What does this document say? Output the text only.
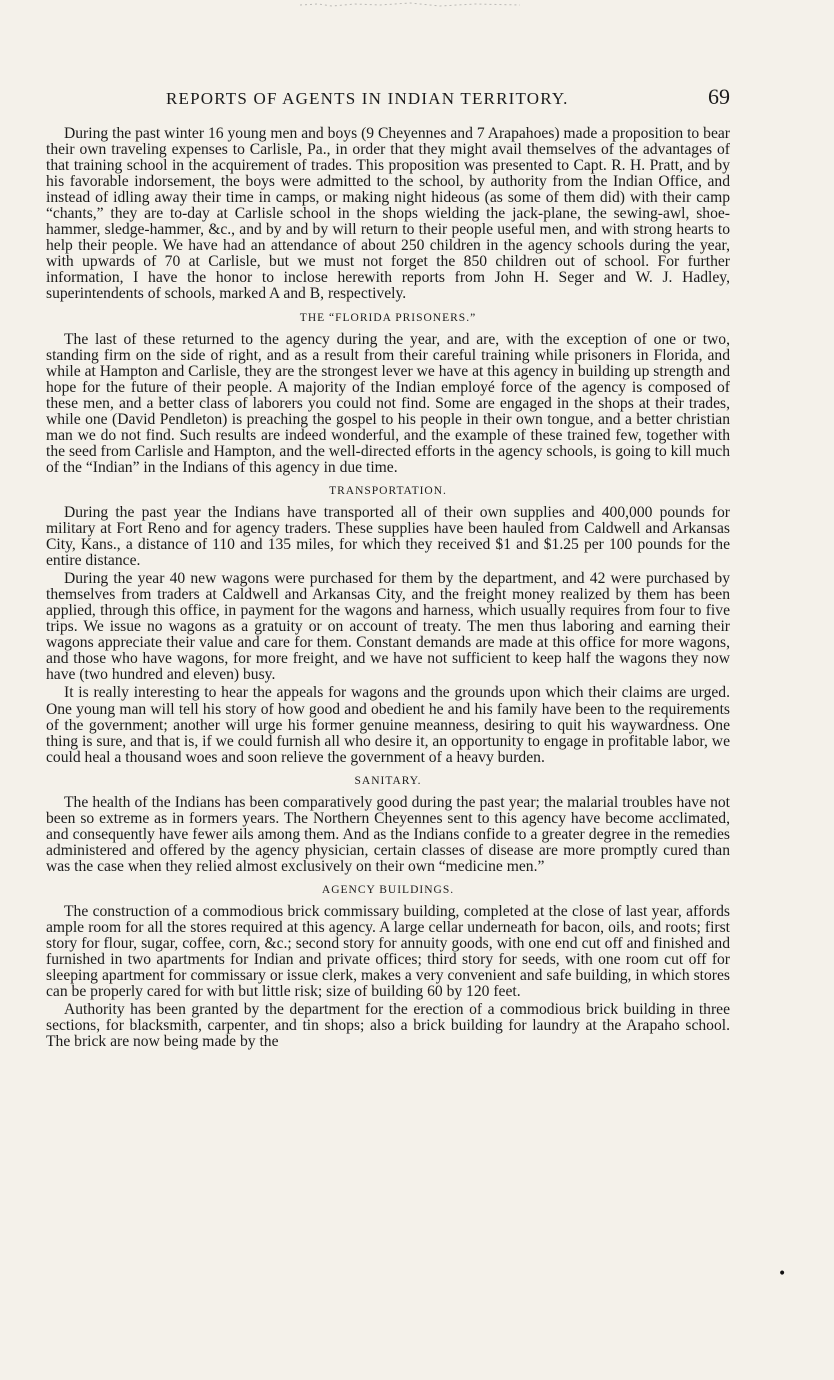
REPORTS OF AGENTS IN INDIAN TERRITORY.	69

During the past winter 16 young men and boys (9 Cheyennes and 7 Arapahoes) made a proposition to bear their own traveling expenses to Carlisle, Pa., in order that they might avail themselves of the advantages of that training school in the acquirement of trades. This proposition was presented to Capt. R. H. Pratt, and by his favorable indorsement, the boys were admitted to the school, by authority from the Indian Office, and instead of idling away their time in camps, or making night hideous (as some of them did) with their camp “chants,” they are to-day at Carlisle school in the shops wielding the jack-plane, the sewing-awl, shoe-hammer, sledge-hammer, &c., and by and by will return to their people useful men, and with strong hearts to help their people. We have had an attendance of about 250 children in the agency schools during the year, with upwards of 70 at Carlisle, but we must not forget the 850 children out of school. For further information, I have the honor to inclose herewith reports from John H. Seger and W. J. Hadley, superintendents of schools, marked A and B, respectively.

THE “FLORIDA PRISONERS.”

The last of these returned to the agency during the year, and are, with the exception of one or two, standing firm on the side of right, and as a result from their careful training while prisoners in Florida, and while at Hampton and Carlisle, they are the strongest lever we have at this agency in building up strength and hope for the future of their people. A majority of the Indian employé force of the agency is composed of these men, and a better class of laborers you could not find. Some are engaged in the shops at their trades, while one (David Pendleton) is preaching the gospel to his people in their own tongue, and a better christian man we do not find. Such results are indeed wonderful, and the example of these trained few, together with the seed from Carlisle and Hampton, and the well-directed efforts in the agency schools, is going to kill much of the “Indian” in the Indians of this agency in due time.

TRANSPORTATION.

During the past year the Indians have transported all of their own supplies and 400,000 pounds for military at Fort Reno and for agency traders. These supplies have been hauled from Caldwell and Arkansas City, Kans., a distance of 110 and 135 miles, for which they received $1 and $1.25 per 100 pounds for the entire distance.

During the year 40 new wagons were purchased for them by the department, and 42 were purchased by themselves from traders at Caldwell and Arkansas City, and the freight money realized by them has been applied, through this office, in payment for the wagons and harness, which usually requires from four to five trips. We issue no wagons as a gratuity or on account of treaty. The men thus laboring and earning their wagons appreciate their value and care for them. Constant demands are made at this office for more wagons, and those who have wagons, for more freight, and we have not sufficient to keep half the wagons they now have (two hundred and eleven) busy.

It is really interesting to hear the appeals for wagons and the grounds upon which their claims are urged. One young man will tell his story of how good and obedient he and his family have been to the requirements of the government; another will urge his former genuine meanness, desiring to quit his waywardness. One thing is sure, and that is, if we could furnish all who desire it, an opportunity to engage in profitable labor, we could heal a thousand woes and soon relieve the government of a heavy burden.

SANITARY.

The health of the Indians has been comparatively good during the past year; the malarial troubles have not been so extreme as in formers years. The Northern Cheyennes sent to this agency have become acclimated, and consequently have fewer ails among them. And as the Indians confide to a greater degree in the remedies administered and offered by the agency physician, certain classes of disease are more promptly cured than was the case when they relied almost exclusively on their own “medicine men.”

AGENCY BUILDINGS.

The construction of a commodious brick commissary building, completed at the close of last year, affords ample room for all the stores required at this agency. A large cellar underneath for bacon, oils, and roots; first story for flour, sugar, coffee, corn, &c.; second story for annuity goods, with one end cut off and finished and furnished in two apartments for Indian and private offices; third story for seeds, with one room cut off for sleeping apartment for commissary or issue clerk, makes a very convenient and safe building, in which stores can be properly cared for with but little risk; size of building 60 by 120 feet.

Authority has been granted by the department for the erection of a commodious brick building in three sections, for blacksmith, carpenter, and tin shops; also a brick building for laundry at the Arapaho school. The brick are now being made by the

•
